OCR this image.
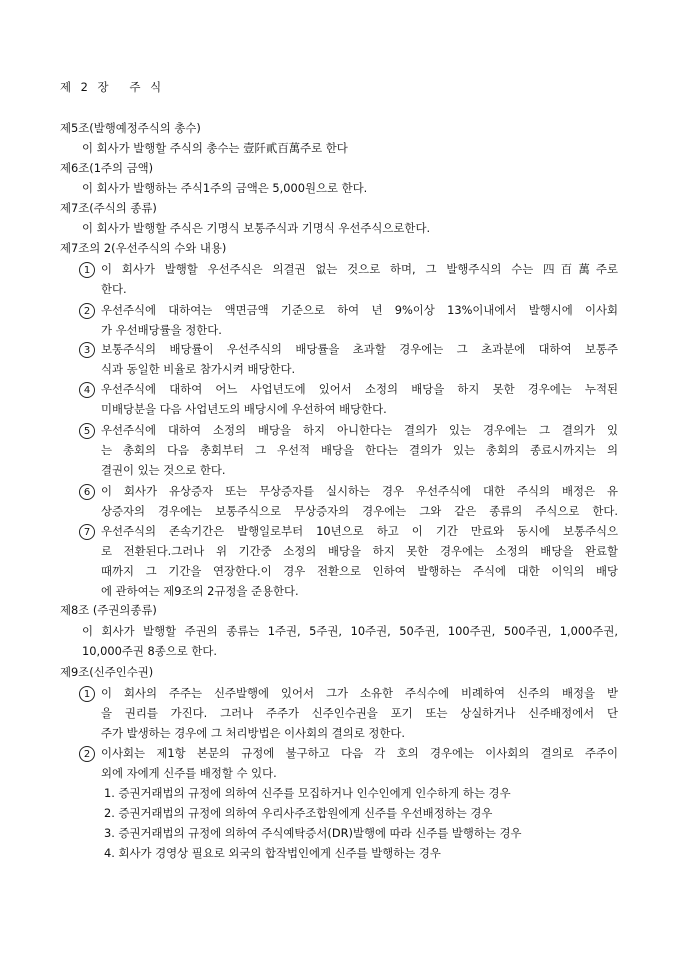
제 2 장 주 식
제5조(발행예정주식의 총수)
이 회사가 발행할 주식의 총수는 壹阡貳百萬주로 한다
제6조(1주의 금액)
이 회사가 발행하는 주식1주의 금액은 5,000원으로 한다.
제7조(주식의 종류)
이 회사가 발행할 주식은 기명식 보통주식과 기명식 우선주식으로한다.
제7조의 2(우선주식의 수와 내용)
1 이 회사가 발행할 우선주식은 의결권 없는 것으로 하며, 그 발행주식의 수는 四百萬주로
한다.
2 우선주식에 대하여는 액면금액 기준으로 하여 년 9%이상 13%이내에서 발행시에 이사회
가 우선배당률을 정한다.
3 보통주식의 배당률이 우선주식의 배당률을 초과할 경우에는 그 초과분에 대하여 보통주
식과 동일한 비율로 참가시켜 배당한다.
4 우선주식에 대하여 어느 사업년도에 있어서 소정의 배당을 하지 못한 경우에는 누적된
미배당분을 다음 사업년도의 배당시에 우선하여 배당한다.
5 우선주식에 대하여 소정의 배당을 하지 아니한다는 결의가 있는 경우에는 그 결의가 있
는 총회의 다음 총회부터 그 우선적 배당을 한다는 결의가 있는 총회의 종료시까지는 의
결권이 있는 것으로 한다.
6 이 회사가 유상증자 또는 무상증자를 실시하는 경우 우선주식에 대한 주식의 배정은 유
상증자의 경우에는 보통주식으로 무상증자의 경우에는 그와 같은 종류의 주식으로 한다.
7 우선주식의 존속기간은 발행일로부터 10년으로 하고 이 기간 만료와 동시에 보통주식으
로 전환된다.그러나 위 기간중 소정의 배당을 하지 못한 경우에는 소정의 배당을 완료할
때까지 그 기간을 연장한다.이 경우 전환으로 인하여 발행하는 주식에 대한 이익의 배당
에 관하여는 제9조의 2규정을 준용한다.
제8조 (주권의종류)
이 회사가 발행할 주권의 종류는 1주권, 5주권, 10주권, 50주권, 100주권, 500주권, 1,000주권,
10,000주권 8종으로 한다.
제9조(신주인수권)
1 이 회사의 주주는 신주발행에 있어서 그가 소유한 주식수에 비례하여 신주의 배정을 받
을 권리를 가진다. 그러나 주주가 신주인수권을 포기 또는 상실하거나 신주배정에서 단
주가 발생하는 경우에 그 처리방법은 이사회의 결의로 정한다.
2 이사회는 제1항 본문의 규정에 불구하고 다음 각 호의 경우에는 이사회의 결의로 주주이
외에 자에게 신주를 배정할 수 있다.
1. 증권거래법의 규정에 의하여 신주를 모집하거나 인수인에게 인수하게 하는 경우
2. 증권거래법의 규정에 의하여 우리사주조합원에게 신주를 우선배정하는 경우
3. 증권거래법의 규정에 의하여 주식예탁증서(DR)발행에 따라 신주를 발행하는 경우
4. 회사가 경영상 필요로 외국의 합작법인에게 신주를 발행하는 경우
